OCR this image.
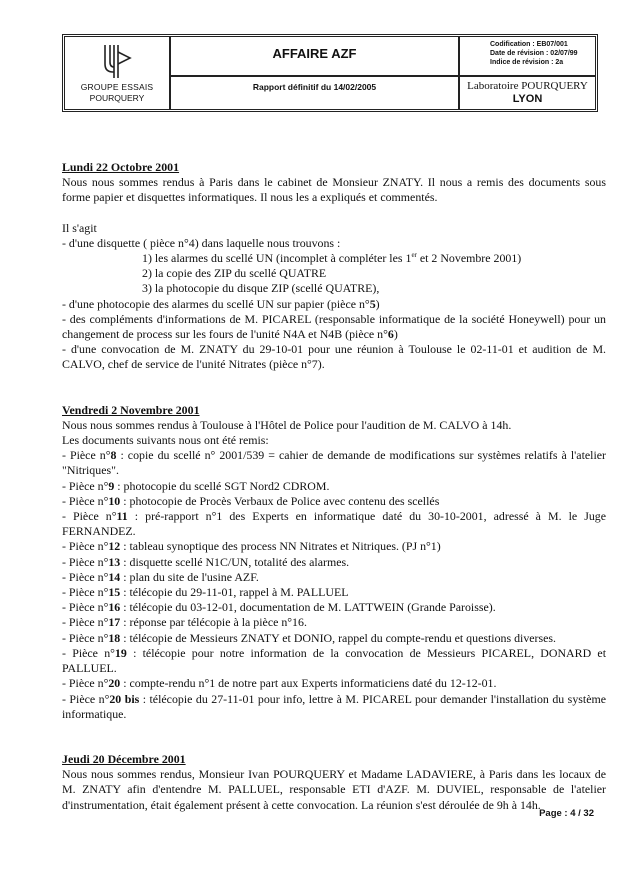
GROUPE ESSAIS
POURQUERY
AFFAIRE AZF
Codification : EB07/001
Date de révision : 02/07/99
Indice de révision : 2a
Rapport définitif du 14/02/2005	Laboratoire POURQUERY
LYON

Lundi 22 Octobre 2001

Nous nous sommes rendus à Paris dans le cabinet de Monsieur ZNATY. Il nous a remis des documents sous forme papier et disquettes informatiques. Il nous les a expliqués et commentés.

Il s'agit

- d'une disquette ( pièce n°4) dans laquelle nous trouvons :

1) les alarmes du scellé UN (incomplet à compléter les 1er et 2 Novembre 2001)

2) la copie des ZIP du scellé QUATRE

3) la photocopie du disque ZIP (scellé QUATRE),

- d'une photocopie des alarmes du scellé UN sur papier (pièce n°5)

- des compléments d'informations de M. PICAREL (responsable informatique de la société Honeywell) pour un changement de process sur les fours de l'unité N4A et N4B (pièce n°6)

- d'une convocation de M. ZNATY du 29-10-01 pour une réunion à Toulouse le 02-11-01 et audition de M. CALVO, chef de service de l'unité Nitrates (pièce n°7).

Vendredi 2 Novembre 2001

Nous nous sommes rendus à Toulouse à l'Hôtel de Police pour l'audition de M. CALVO à 14h.

Les documents suivants nous ont été remis:

- Pièce n°8 : copie du scellé n° 2001/539 = cahier de demande de modifications sur systèmes relatifs à l'atelier "Nitriques".

- Pièce n°9 : photocopie du scellé SGT Nord2 CDROM.

- Pièce n°10 : photocopie de Procès Verbaux de Police avec contenu des scellés

- Pièce n°11 : pré-rapport n°1 des Experts en informatique daté du 30-10-2001, adressé à M. le Juge FERNANDEZ.

- Pièce n°12 : tableau synoptique des process NN Nitrates et Nitriques. (PJ n°1)

- Pièce n°13 : disquette scellé N1C/UN, totalité des alarmes.

- Pièce n°14 : plan du site de l'usine AZF.

- Pièce n°15 : télécopie du 29-11-01, rappel à M. PALLUEL

- Pièce n°16 : télécopie du 03-12-01, documentation de M. LATTWEIN (Grande Paroisse).

- Pièce n°17 : réponse par télécopie à la pièce n°16.

- Pièce n°18 : télécopie de Messieurs ZNATY et DONIO, rappel du compte-rendu et questions diverses.

- Pièce n°19 : télécopie pour notre information de la convocation de Messieurs PICAREL, DONARD et PALLUEL.

- Pièce n°20 : compte-rendu n°1 de notre part aux Experts informaticiens daté du 12-12-01.

- Pièce n°20 bis : télécopie du 27-11-01 pour info, lettre à M. PICAREL pour demander l'installation du système informatique.

Jeudi 20 Décembre 2001

Nous nous sommes rendus, Monsieur Ivan POURQUERY et Madame LADAVIERE, à Paris dans les locaux de M. ZNATY afin d'entendre M. PALLUEL, responsable ETI d'AZF. M. DUVIEL, responsable de l'atelier d'instrumentation, était également présent à cette convocation. La réunion s'est déroulée de 9h à 14h.

Page : 4 / 32
